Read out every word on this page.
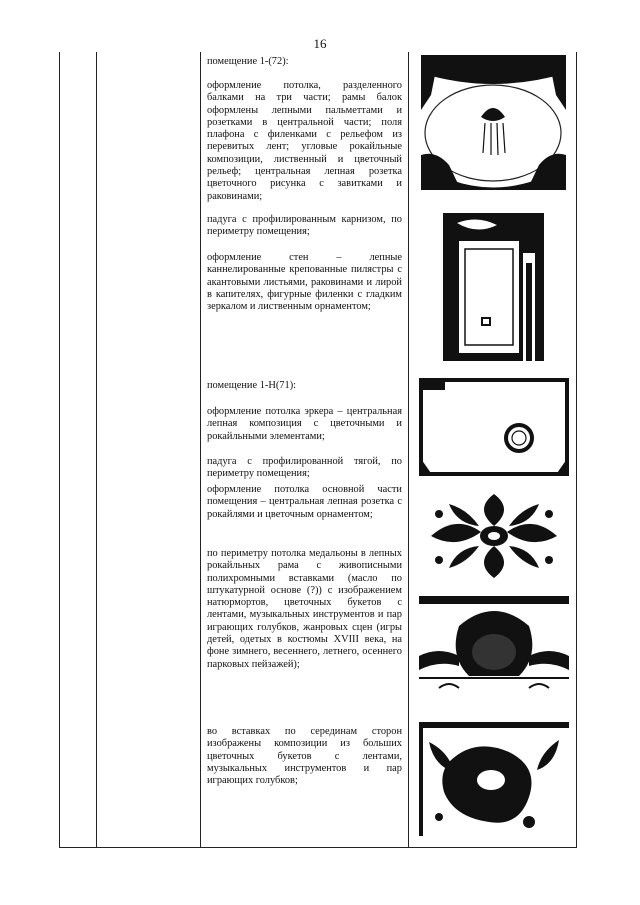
16

помещение 1-(72):

оформление потолка, разделенного балками на три части; рамы балок оформлены лепными пальметтами и розетками в центральной части; поля плафона с филенками с рельефом из перевитых лент; угловые рокайльные композиции, лиственный и цветочный рельеф; центральная лепная розетка цветочного рисунка с завитками и раковинами;

падуга с профилированным карнизом, по периметру помещения;

оформление стен – лепные каннелированные крепованные пилястры с акантовыми листьями, раковинами и лирой в капителях, фигурные филенки с гладким зеркалом и лиственным орнаментом;

помещение 1-Н(71):

оформление потолка эркера – центральная лепная композиция с цветочными и рокайльными элементами;

падуга с профилированной тягой, по периметру помещения;

оформление потолка основной части помещения – центральная лепная розетка с рокайлями и цветочным орнаментом;

по периметру потолка медальоны в лепных рокайльных рама с живописными полихромными вставками (масло по штукатурной основе (?)) с изображением натюрмортов, цветочных букетов с лентами, музыкальных инструментов и пар играющих голубков, жанровых сцен (игры детей, одетых в костюмы XVIII века, на фоне зимнего, весеннего, летнего, осеннего парковых пейзажей);

во вставках по серединам сторон изображены композиции из больших цветочных букетов с лентами, музыкальных инструментов и пар играющих голубков;
